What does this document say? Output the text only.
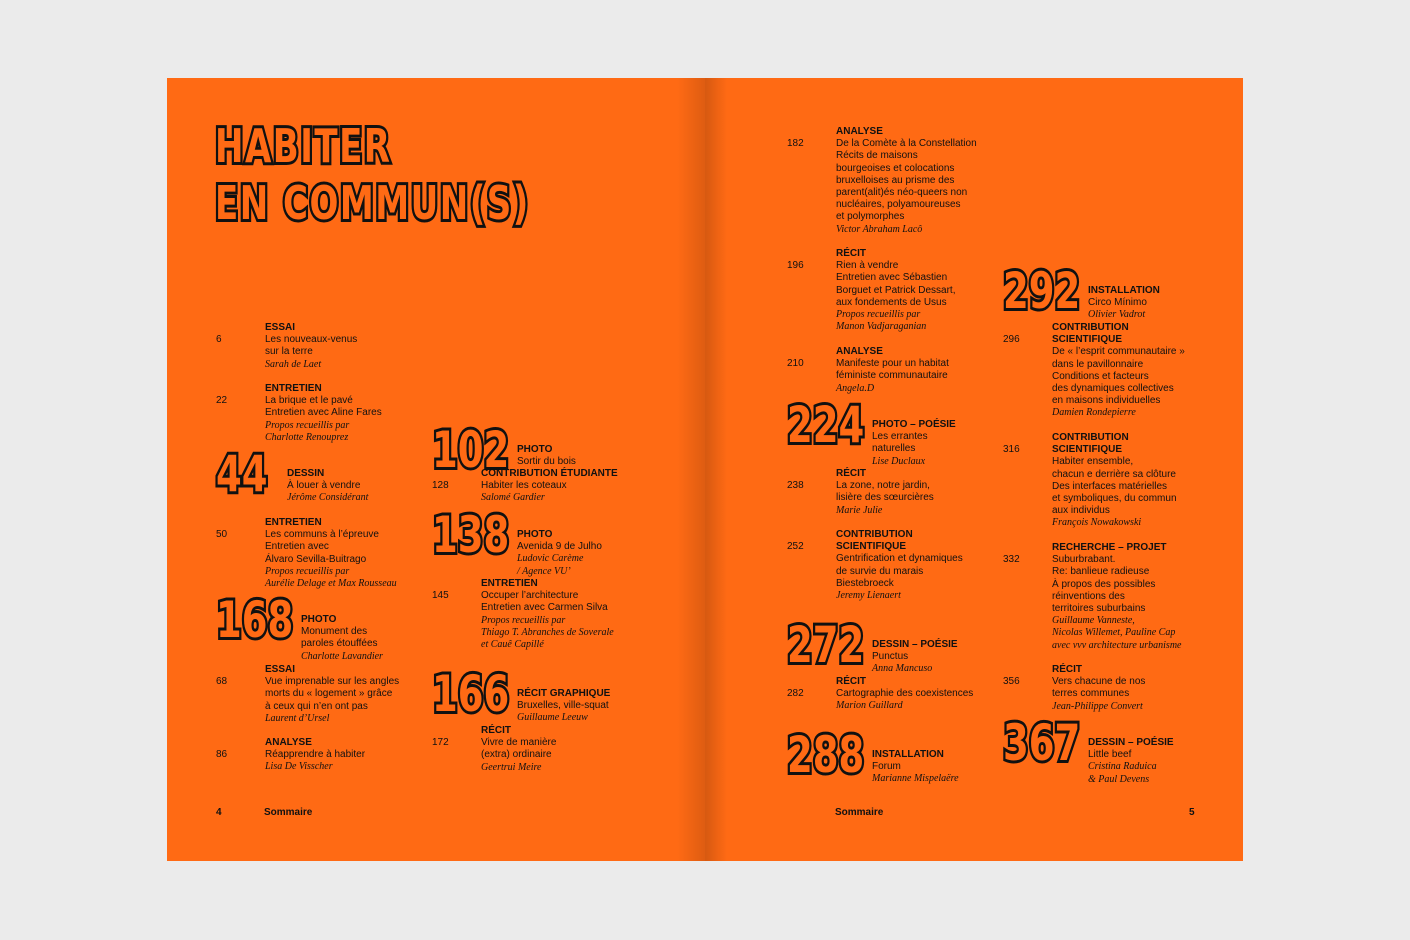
HABITER
EN COMMUN(S)
4	Sommaire
6
ESSAI
Les nouveaux-venus
sur la terre
Sarah de Laet
22
ENTRETIEN
La brique et le pavé
Entretien avec Aline Fares
Propos recueillis par
Charlotte Renouprez
44 DESSIN
À louer à vendre
Jérôme Considérant
50
ENTRETIEN
Les communs à l’épreuve
Entretien avec
Álvaro Sevilla-Buitrago
Propos recueillis par
Aurélie Delage et Max Rousseau
168 PHOTO
Monument des
paroles étouffées
Charlotte Lavandier
68
ESSAI
Vue imprenable sur les angles
morts du « logement » grâce
à ceux qui n’en ont pas
Laurent d’Ursel
86
ANALYSE
Réapprendre à habiter
Lisa De Visscher
102 PHOTO
Sortir du bois
128
CONTRIBUTION ÉTUDIANTE
Habiter les coteaux
Salomé Gardier
138 PHOTO
Avenida 9 de Julho
Ludovic Carème
/ Agence VU’
145
ENTRETIEN
Occuper l’architecture
Entretien avec Carmen Silva
Propos recueillis par
Thiago T. Abranches de Soverale
et Cauê Capillé
166 RÉCIT GRAPHIQUE
Bruxelles, ville-squat
Guillaume Leeuw
172
RÉCIT
Vivre de manière
(extra) ordinaire
Geertrui Meire
Sommaire	5
182
ANALYSE
De la Comète à la Constellation
Récits de maisons
bourgeoises et colocations
bruxelloises au prisme des
parent(alit)és néo-queers non
nucléaires, polyamoureuses
et polymorphes
Victor Abraham Lacô
196
RÉCIT
Rien à vendre
Entretien avec Sébastien
Borguet et Patrick Dessart,
aux fondements de Usus
Propos recueillis par
Manon Vadjaraganian
210
ANALYSE
Manifeste pour un habitat
féministe communautaire
Angela.D
224 PHOTO – POÉSIE
Les errantes
naturelles
Lise Duclaux
238
RÉCIT
La zone, notre jardin,
lisière des sœurcières
Marie Julie
252
CONTRIBUTION
SCIENTIFIQUE
Gentrification et dynamiques
de survie du marais
Biestebroeck
Jeremy Lienaert
272 DESSIN – POÉSIE
Punctus
Anna Mancuso
282
RÉCIT
Cartographie des coexistences
Marion Guillard
288 INSTALLATION
Forum
Marianne Mispelaëre
292 INSTALLATION
Circo Mínimo
Olivier Vadrot
296
CONTRIBUTION
SCIENTIFIQUE
De « l’esprit communautaire »
dans le pavillonnaire
Conditions et facteurs
des dynamiques collectives
en maisons individuelles
Damien Rondepierre
316
CONTRIBUTION
SCIENTIFIQUE
Habiter ensemble,
chacun e derrière sa clôture
Des interfaces matérielles
et symboliques, du commun
aux individus
François Nowakowski
332
RECHERCHE – PROJET
Suburbrabant.
Re: banlieue radieuse
À propos des possibles
réinventions des
territoires suburbains
Guillaume Vanneste,
Nicolas Willemet, Pauline Cap
avec vvv architecture urbanisme
356
RÉCIT
Vers chacune de nos
terres communes
Jean-Philippe Convert
367 DESSIN – POÉSIE
Little beef
Cristina Raduica
& Paul Devens
